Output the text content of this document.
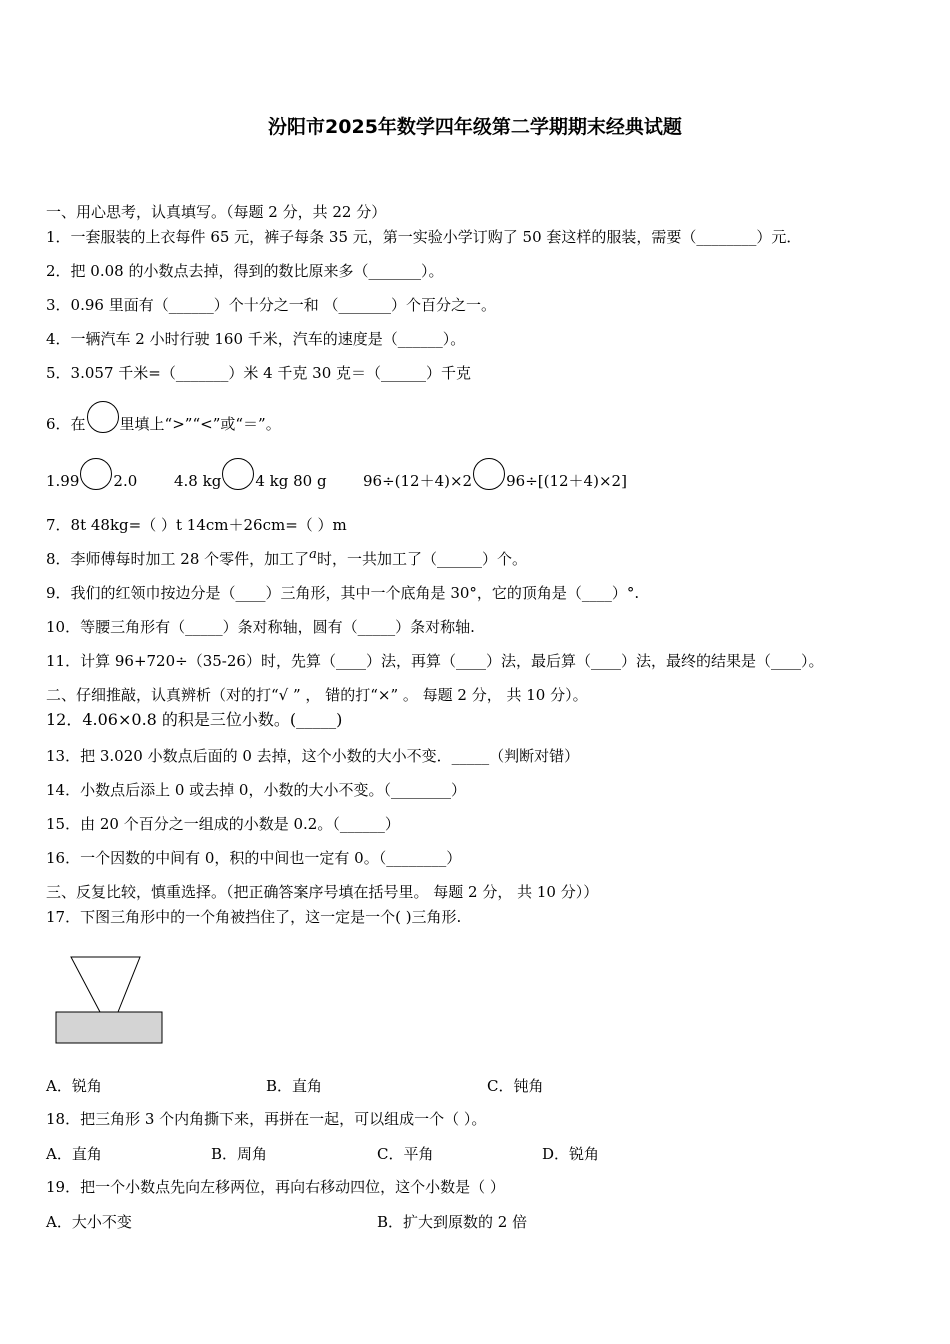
汾阳市2025年数学四年级第二学期期末经典试题
一、用心思考，认真填写。（每题 2 分，共 22 分）
1．一套服装的上衣每件 65 元，裤子每条 35 元，第一实验小学订购了 50 套这样的服装，需要（________）元．
2．把 0.08 的小数点去掉，得到的数比原来多（_______）。
3．0.96 里面有（______）个十分之一和 （_______）个百分之一。
4．一辆汽车 2 小时行驶 160 千米，汽车的速度是（______）。
5．3.057 千米=（_______）米 4 千克 30 克＝（______）千克
6．在 里填上“>”“<”或“＝”。
1.99 2.0 4.8 kg 4 kg 80 g 96÷(12＋4)×2 96÷[(12＋4)×2]
7．8t 48kg=（ ）t 14cm＋26cm=（ ）m
8．李师傅每时加工 28 个零件，加工了a时，一共加工了（______）个。
9．我们的红领巾按边分是（____）三角形，其中一个底角是 30°，它的顶角是（____）°.
10．等腰三角形有（_____）条对称轴，圆有（_____）条对称轴.
11．计算 96+720÷（35-26）时，先算（____）法，再算（____）法，最后算（____）法，最终的结果是（____）。
二、仔细推敲，认真辨析（对的打“√ ” ， 错的打“×” 。 每题 2 分， 共 10 分）。
12．4.06×0.8 的积是三位小数。(_____)
13．把 3.020 小数点后面的 0 去掉，这个小数的大小不变．_____（判断对错）
14．小数点后添上 0 或去掉 0，小数的大小不变。（________）
15．由 20 个百分之一组成的小数是 0.2。（______）
16．一个因数的中间有 0，积的中间也一定有 0。（________）
三、反复比较，慎重选择。（把正确答案序号填在括号里。 每题 2 分， 共 10 分））
17．下图三角形中的一个角被挡住了，这一定是一个( )三角形.
A．锐角	B．直角	C．钝角
18．把三角形 3 个内角撕下来，再拼在一起，可以组成一个（ ）。
A．直角	B．周角	C．平角	D．锐角
19．把一个小数点先向左移两位，再向右移动四位，这个小数是（ ）
A．大小不变	B．扩大到原数的 2 倍
